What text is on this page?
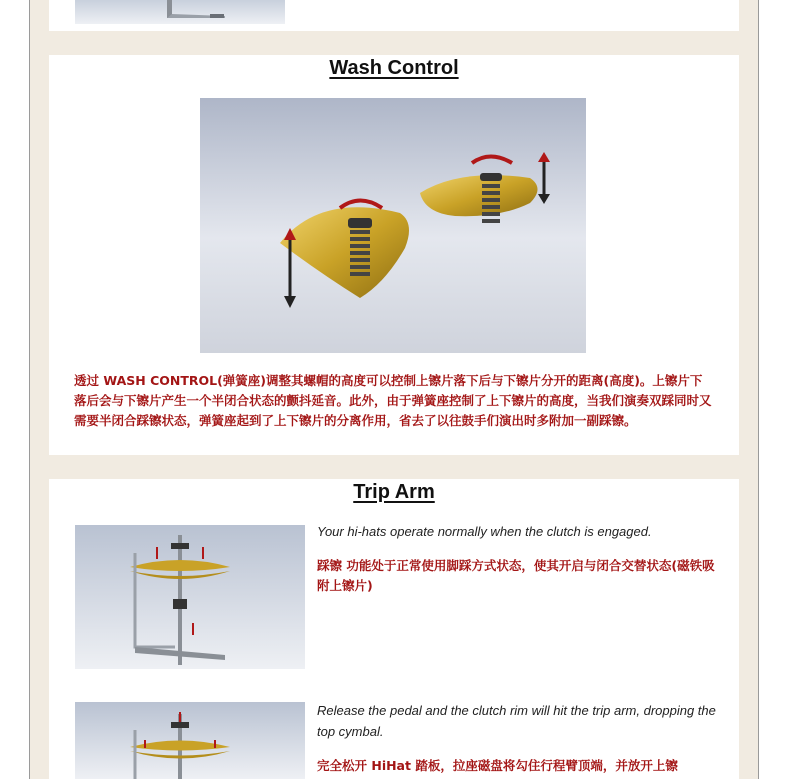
Wash Control

透过 WASH CONTROL(弹簧座)调整其螺帽的高度可以控制上镲片落下后与下镲片分开的距离(高度)。上镲片下落后会与下镲片产生一个半闭合状态的颤抖延音。此外，由于弹簧座控制了上下镲片的高度，当我们演奏双踩同时又需要半闭合踩镲状态，弹簧座起到了上下镲片的分离作用，省去了以往鼓手们演出时多附加一副踩镲。

Trip Arm

Your hi-hats operate normally when the clutch is engaged.

踩镲 功能处于正常使用脚踩方式状态，使其开启与闭合交替状态(磁铁吸附上镲片)

Release the pedal and the clutch rim will hit the trip arm, dropping the top cymbal.

完全松开 HiHat 踏板，拉座磁盘将勾住行程臂顶端，并放开上镲
